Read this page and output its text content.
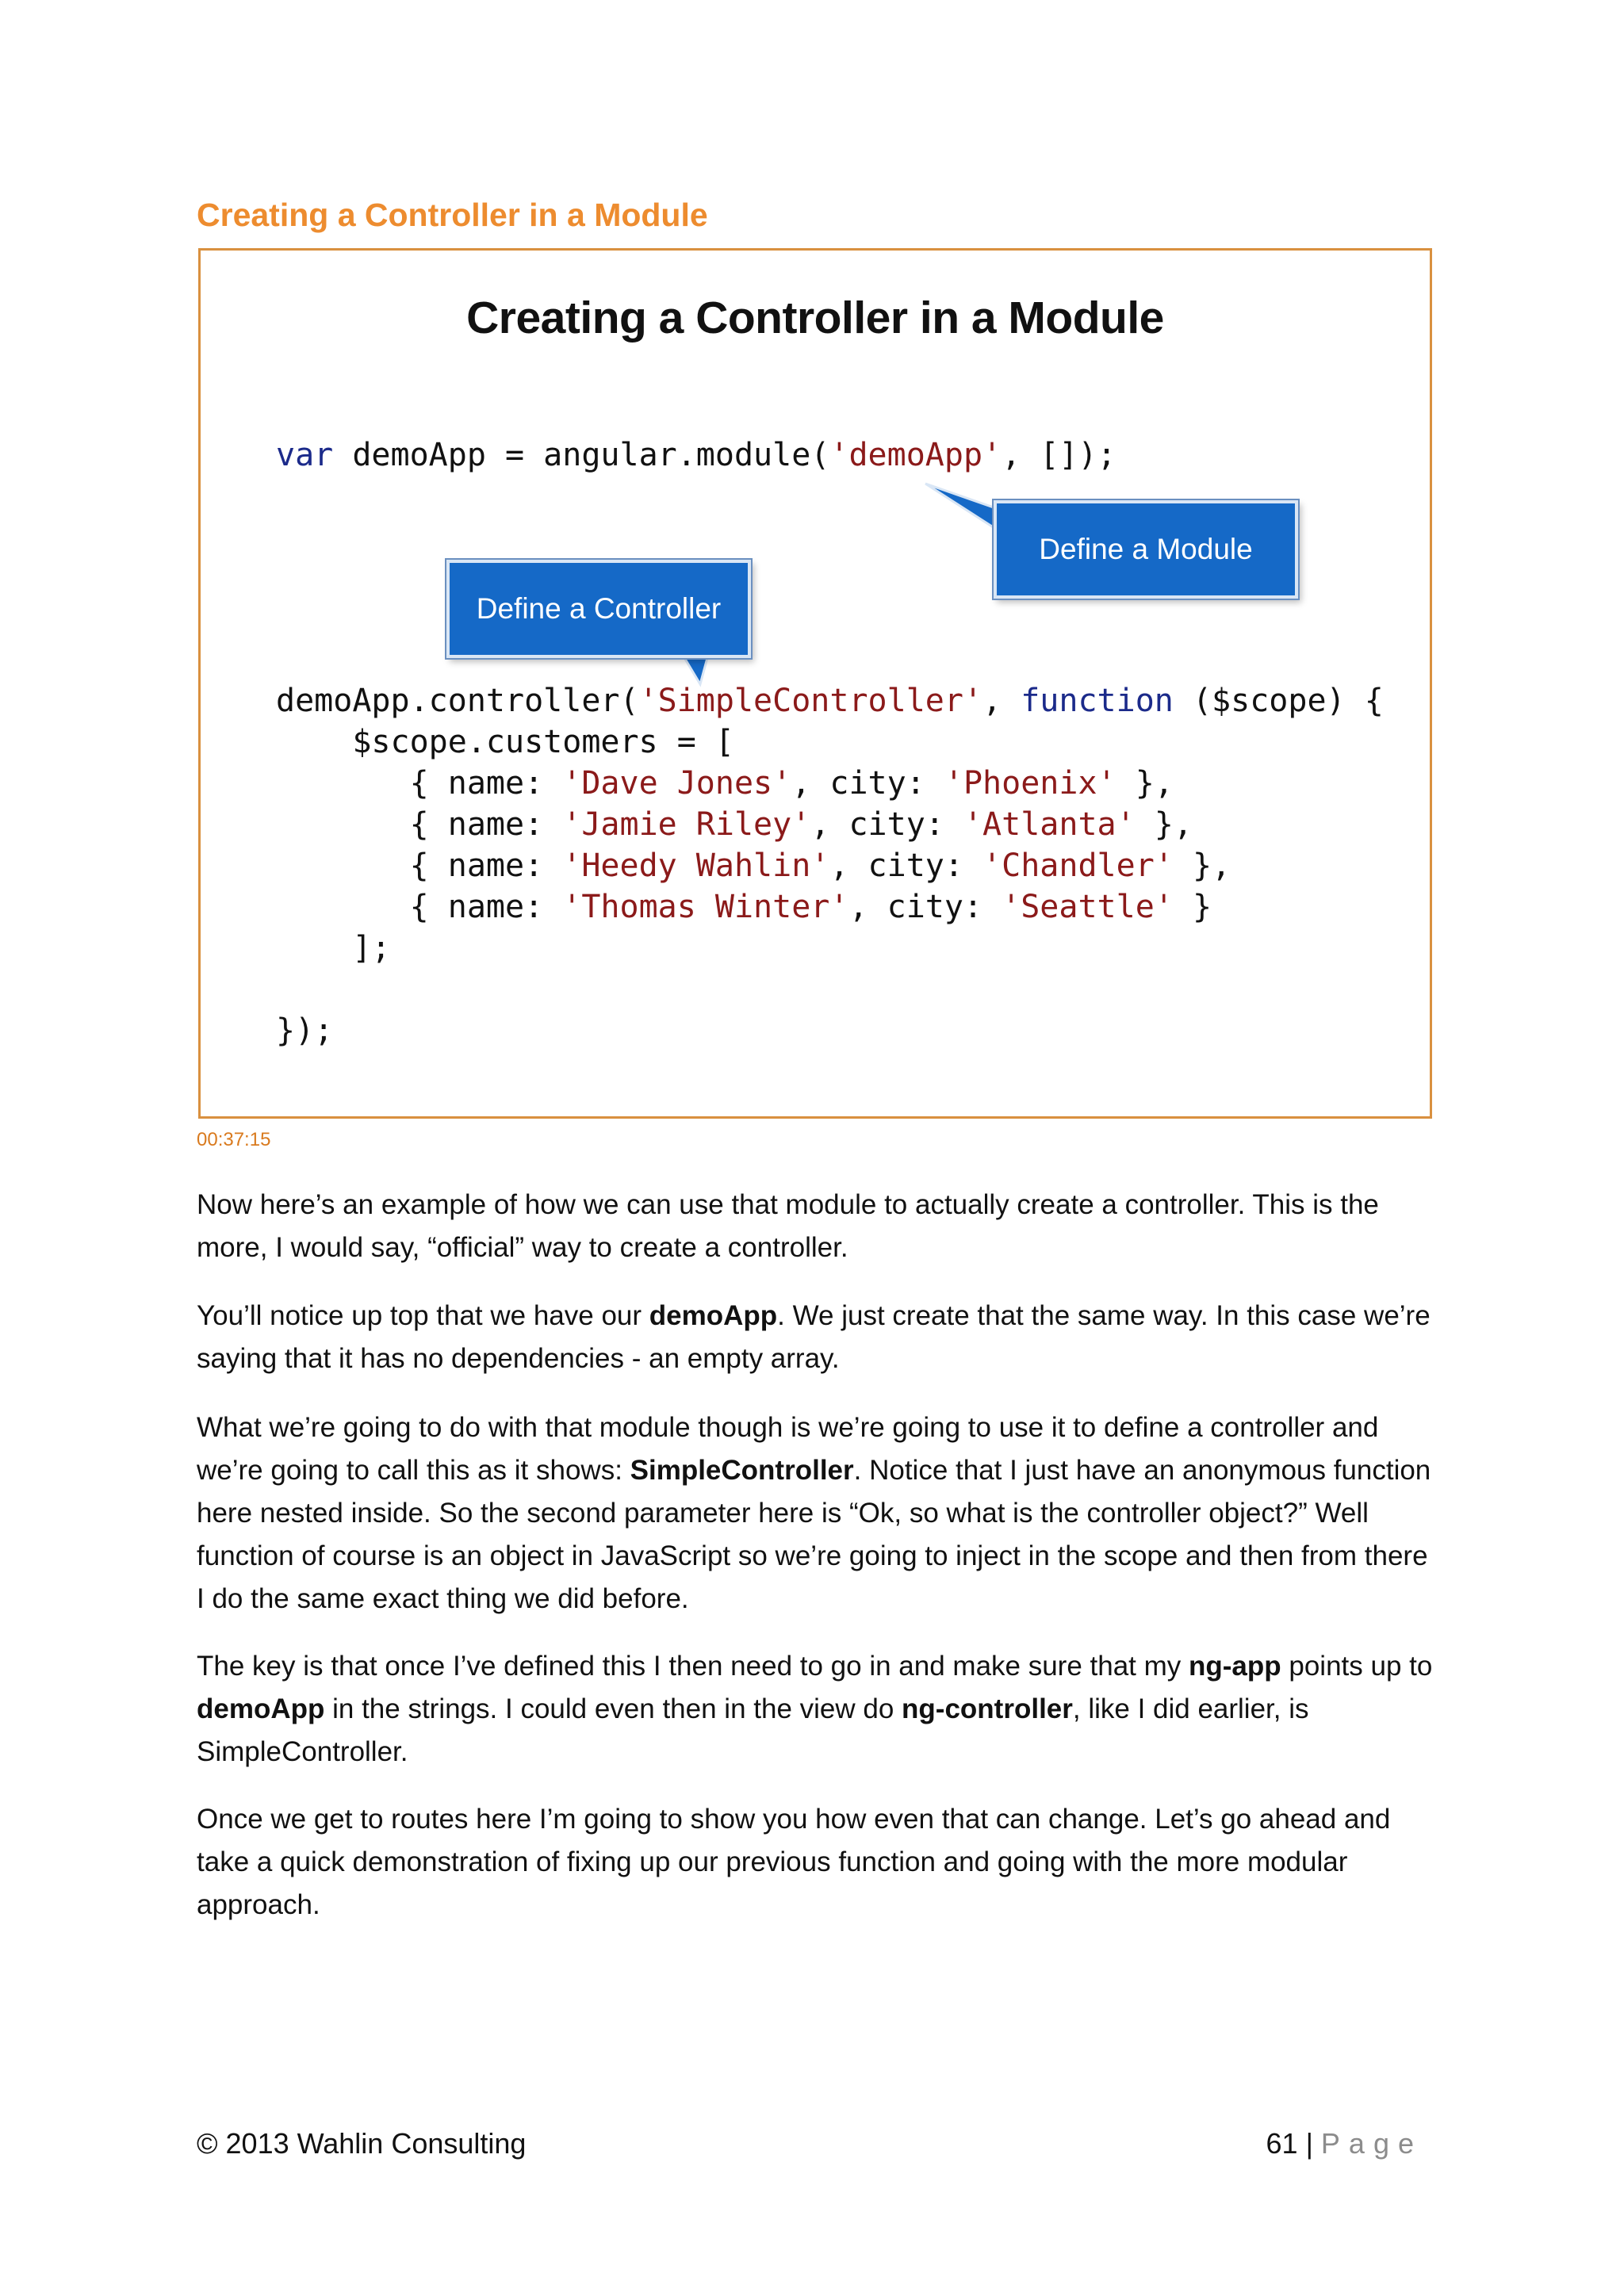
Creating a Controller in a Module
Creating a Controller in a Module
var demoApp = angular.module('demoApp', []);
Define a Module
Define a Controller
demoApp.controller('SimpleController', function ($scope) {
$scope.customers = [
{ name: 'Dave Jones', city: 'Phoenix' },
{ name: 'Jamie Riley', city: 'Atlanta' },
{ name: 'Heedy Wahlin', city: 'Chandler' },
{ name: 'Thomas Winter', city: 'Seattle' }
];
});
00:37:15
Now here’s an example of how we can use that module to actually create a controller. This is the more, I would say, “official” way to create a controller.
You’ll notice up top that we have our demoApp. We just create that the same way. In this case we’re saying that it has no dependencies - an empty array.
What we’re going to do with that module though is we’re going to use it to define a controller and we’re going to call this as it shows: SimpleController. Notice that I just have an anonymous function here nested inside. So the second parameter here is “Ok, so what is the controller object?” Well function of course is an object in JavaScript so we’re going to inject in the scope and then from there I do the same exact thing we did before.
The key is that once I’ve defined this I then need to go in and make sure that my ng-app points up to demoApp in the strings. I could even then in the view do ng-controller, like I did earlier, is SimpleController.
Once we get to routes here I’m going to show you how even that can change. Let’s go ahead and take a quick demonstration of fixing up our previous function and going with the more modular approach.
© 2013 Wahlin Consulting	61 | Page
